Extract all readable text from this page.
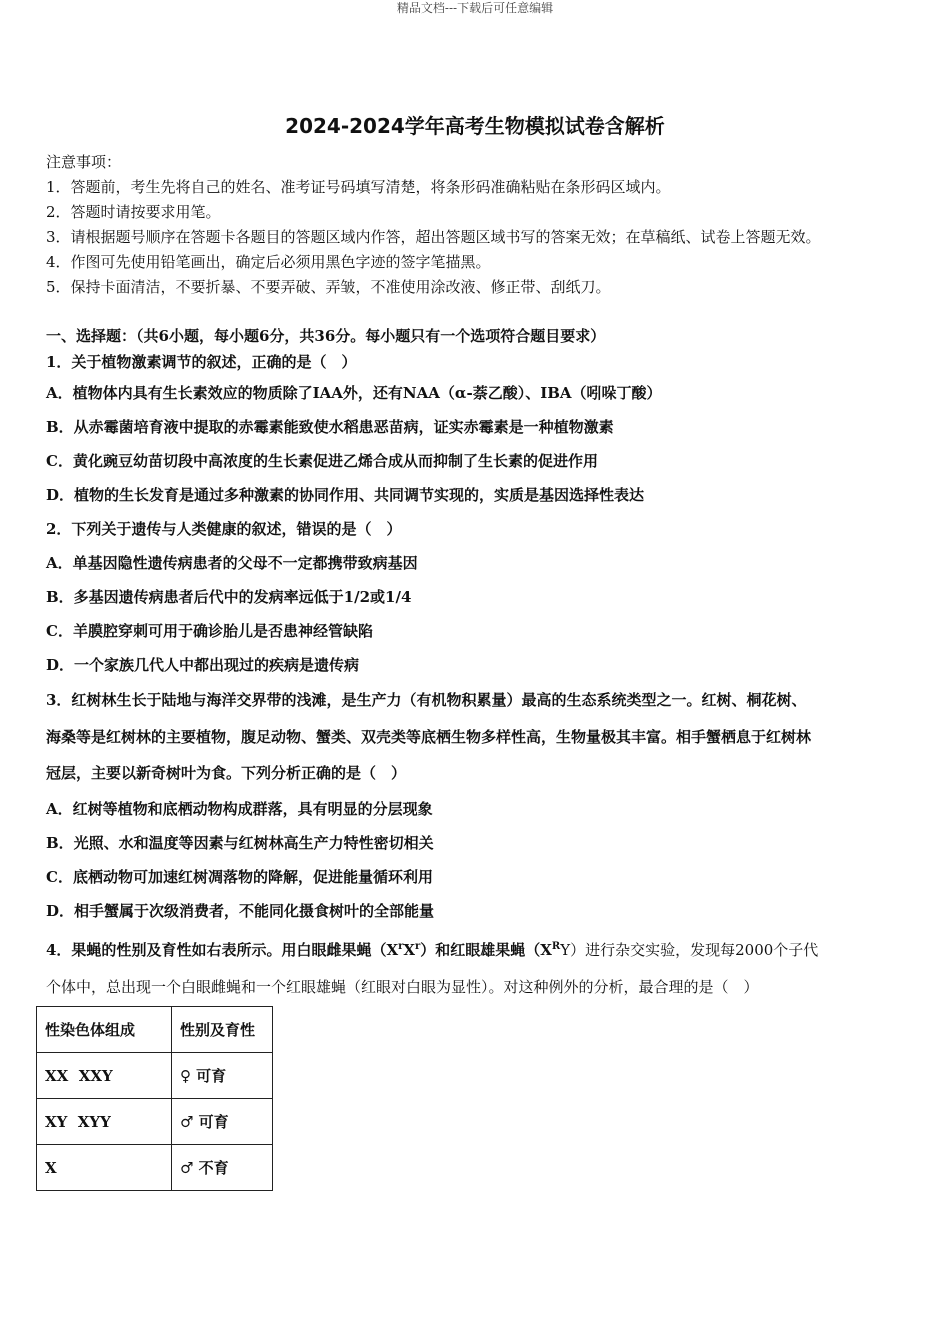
精品文档---下载后可任意编辑
2024-2024学年高考生物模拟试卷含解析
注意事项：
1．答题前，考生先将自己的姓名、准考证号码填写清楚，将条形码准确粘贴在条形码区域内。
2．答题时请按要求用笔。
3．请根据题号顺序在答题卡各题目的答题区域内作答，超出答题区域书写的答案无效；在草稿纸、试卷上答题无效。
4．作图可先使用铅笔画出，确定后必须用黑色字迹的签字笔描黑。
5．保持卡面清洁，不要折暴、不要弄破、弄皱，不准使用涂改液、修正带、刮纸刀。
一、选择题：（共6小题，每小题6分，共36分。每小题只有一个选项符合题目要求）
1．关于植物激素调节的叙述，正确的是（　）
A．植物体内具有生长素效应的物质除了IAA外，还有NAA（α-萘乙酸）、IBA（吲哚丁酸）
B．从赤霉菌培育液中提取的赤霉素能致使水稻患恶苗病，证实赤霉素是一种植物激素
C．黄化豌豆幼苗切段中高浓度的生长素促进乙烯合成从而抑制了生长素的促进作用
D．植物的生长发育是通过多种激素的协同作用、共同调节实现的，实质是基因选择性表达
2．下列关于遗传与人类健康的叙述，错误的是（　）
A．单基因隐性遗传病患者的父母不一定都携带致病基因
B．多基因遗传病患者后代中的发病率远低于1/2或1/4
C．羊膜腔穿刺可用于确诊胎儿是否患神经管缺陷
D．一个家族几代人中都出现过的疾病是遗传病
3．红树林生长于陆地与海洋交界带的浅滩，是生产力（有机物积累量）最高的生态系统类型之一。红树、桐花树、
海桑等是红树林的主要植物，腹足动物、蟹类、双壳类等底栖生物多样性高，生物量极其丰富。相手蟹栖息于红树林
冠层，主要以新奇树叶为食。下列分析正确的是（　）
A．红树等植物和底栖动物构成群落，具有明显的分层现象
B．光照、水和温度等因素与红树林高生产力特性密切相关
C．底栖动物可加速红树凋落物的降解，促进能量循环利用
D．相手蟹属于次级消费者，不能同化摄食树叶的全部能量
4．果蝇的性别及育性如右表所示。用白眼雌果蝇$(X^rX^r)$和红眼雄果蝇$(X^RY)$进行杂交实验，发现每2000个子代
个体中，总出现一个白眼雌蝇和一个红眼雄蝇（红眼对白眼为显性）。对这种例外的分析，最合理的是（　）
性染色体组成	性别及育性
XX  XXY	♀ 可育
XY  XYY	♂ 可育
X	♂ 不育
